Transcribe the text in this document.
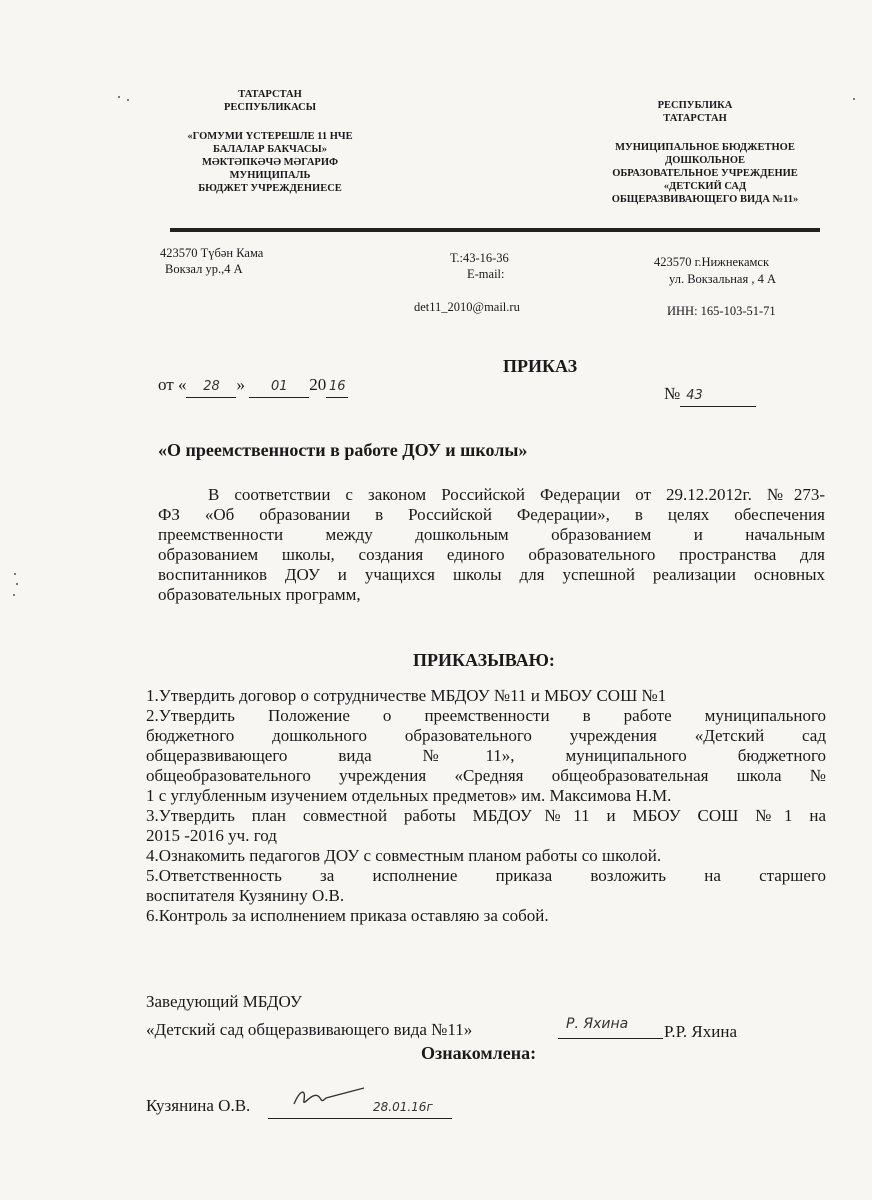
ТАТАРСТАН
РЕСПУБЛИКАСЫ
«ГОМУМИ ҮСТЕРЕШЛЕ 11 НЧЕ
БАЛАЛАР БАКЧАСЫ»
МӘКТӘПКӘЧӘ МӘГАРИФ
МУНИЦИПАЛЬ
БЮДЖЕТ УЧРЕЖДЕНИЕСЕ
РЕСПУБЛИКА
ТАТАРСТАН
МУНИЦИПАЛЬНОЕ БЮДЖЕТНОЕ
ДОШКОЛЬНОЕ
ОБРАЗОВАТЕЛЬНОЕ УЧРЕЖДЕНИЕ
«ДЕТСКИЙ САД
ОБЩЕРАЗВИВАЮЩЕГО ВИДА №11»
423570 Түбән Кама
Вокзал ур.,4 А
Т.:43-16-36
E-mail:
det11_2010@mail.ru
423570 г.Нижнекамск
ул. Вокзальная , 4 А
ИНН: 165-103-51-71
ПРИКАЗ
от « 28 » 01 20 16	№ 43
«О преемственности в работе ДОУ и школы»
В соответствии с законом Российской Федерации от 29.12.2012г. №273-
ФЗ «Об образовании в Российской Федерации», в целях обеспечения
преемственности между дошкольным образованием и начальным
образованием школы, создания единого образовательного пространства для
воспитанников ДОУ и учащихся школы для успешной реализации основных
образовательных программ,
ПРИКАЗЫВАЮ:
1.Утвердить договор о сотрудничестве МБДОУ №11 и МБОУ СОШ №1
2.Утвердить Положение о преемственности в работе муниципального
бюджетного дошкольного образовательного учреждения «Детский сад
общеразвивающего вида №11», муниципального бюджетного
общеобразовательного учреждения «Средняя общеобразовательная школа №
1 с углубленным изучением отдельных предметов» им. Максимова Н.М.
3.Утвердить план совместной работы МБДОУ№11 и МБОУ СОШ №1 на
2015 -2016 уч. год
4.Ознакомить педагогов ДОУ с совместным планом работы со школой.
5.Ответственность за исполнение приказа возложить на старшего
воспитателя Кузянину О.В.
6.Контроль за исполнением приказа оставляю за собой.
Заведующий МБДОУ
«Детский сад общеразвивающего вида №11»	Р. Яхина Р.Р. Яхина
Ознакомлена:
Кузянина О.В.	28.01.16г
